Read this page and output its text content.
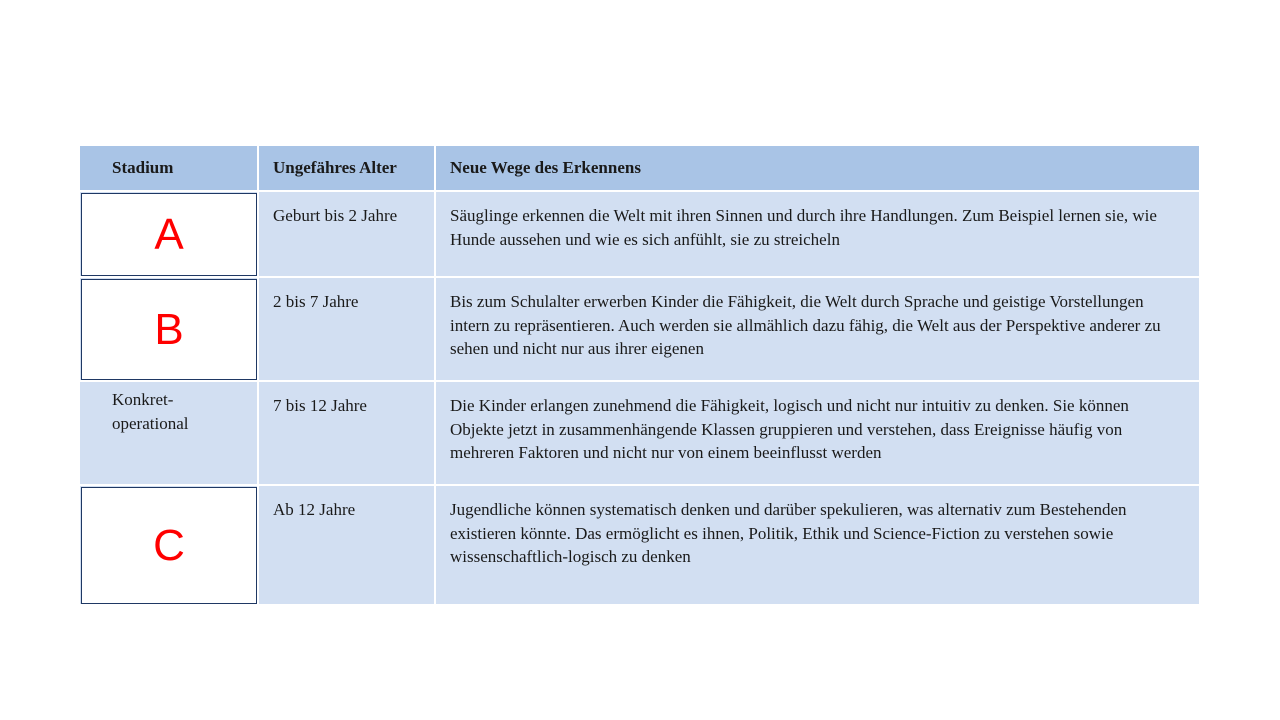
Stadium	Ungefähres Alter	Neue Wege des Erkennens

A	Geburt bis 2 Jahre	Säuglinge erkennen die Welt mit ihren Sinnen und durch ihre Handlungen. Zum Beispiel lernen sie, wie Hunde aussehen und wie es sich anfühlt, sie zu streicheln

B	2 bis 7 Jahre	Bis zum Schulalter erwerben Kinder die Fähigkeit, die Welt durch Sprache und geistige Vorstellungen intern zu repräsentieren. Auch werden sie allmählich dazu fähig, die Welt aus der Perspektive anderer zu sehen und nicht nur aus ihrer eigenen

Konkret-operational	7 bis 12 Jahre	Die Kinder erlangen zunehmend die Fähigkeit, logisch und nicht nur intuitiv zu denken. Sie können Objekte jetzt in zusammenhängende Klassen gruppieren und verstehen, dass Ereignisse häufig von mehreren Faktoren und nicht nur von einem beeinflusst werden

C	Ab 12 Jahre	Jugendliche können systematisch denken und darüber spekulieren, was alternativ zum Bestehenden existieren könnte. Das ermöglicht es ihnen, Politik, Ethik und Science-Fiction zu verstehen sowie wissenschaftlich-logisch zu denken
